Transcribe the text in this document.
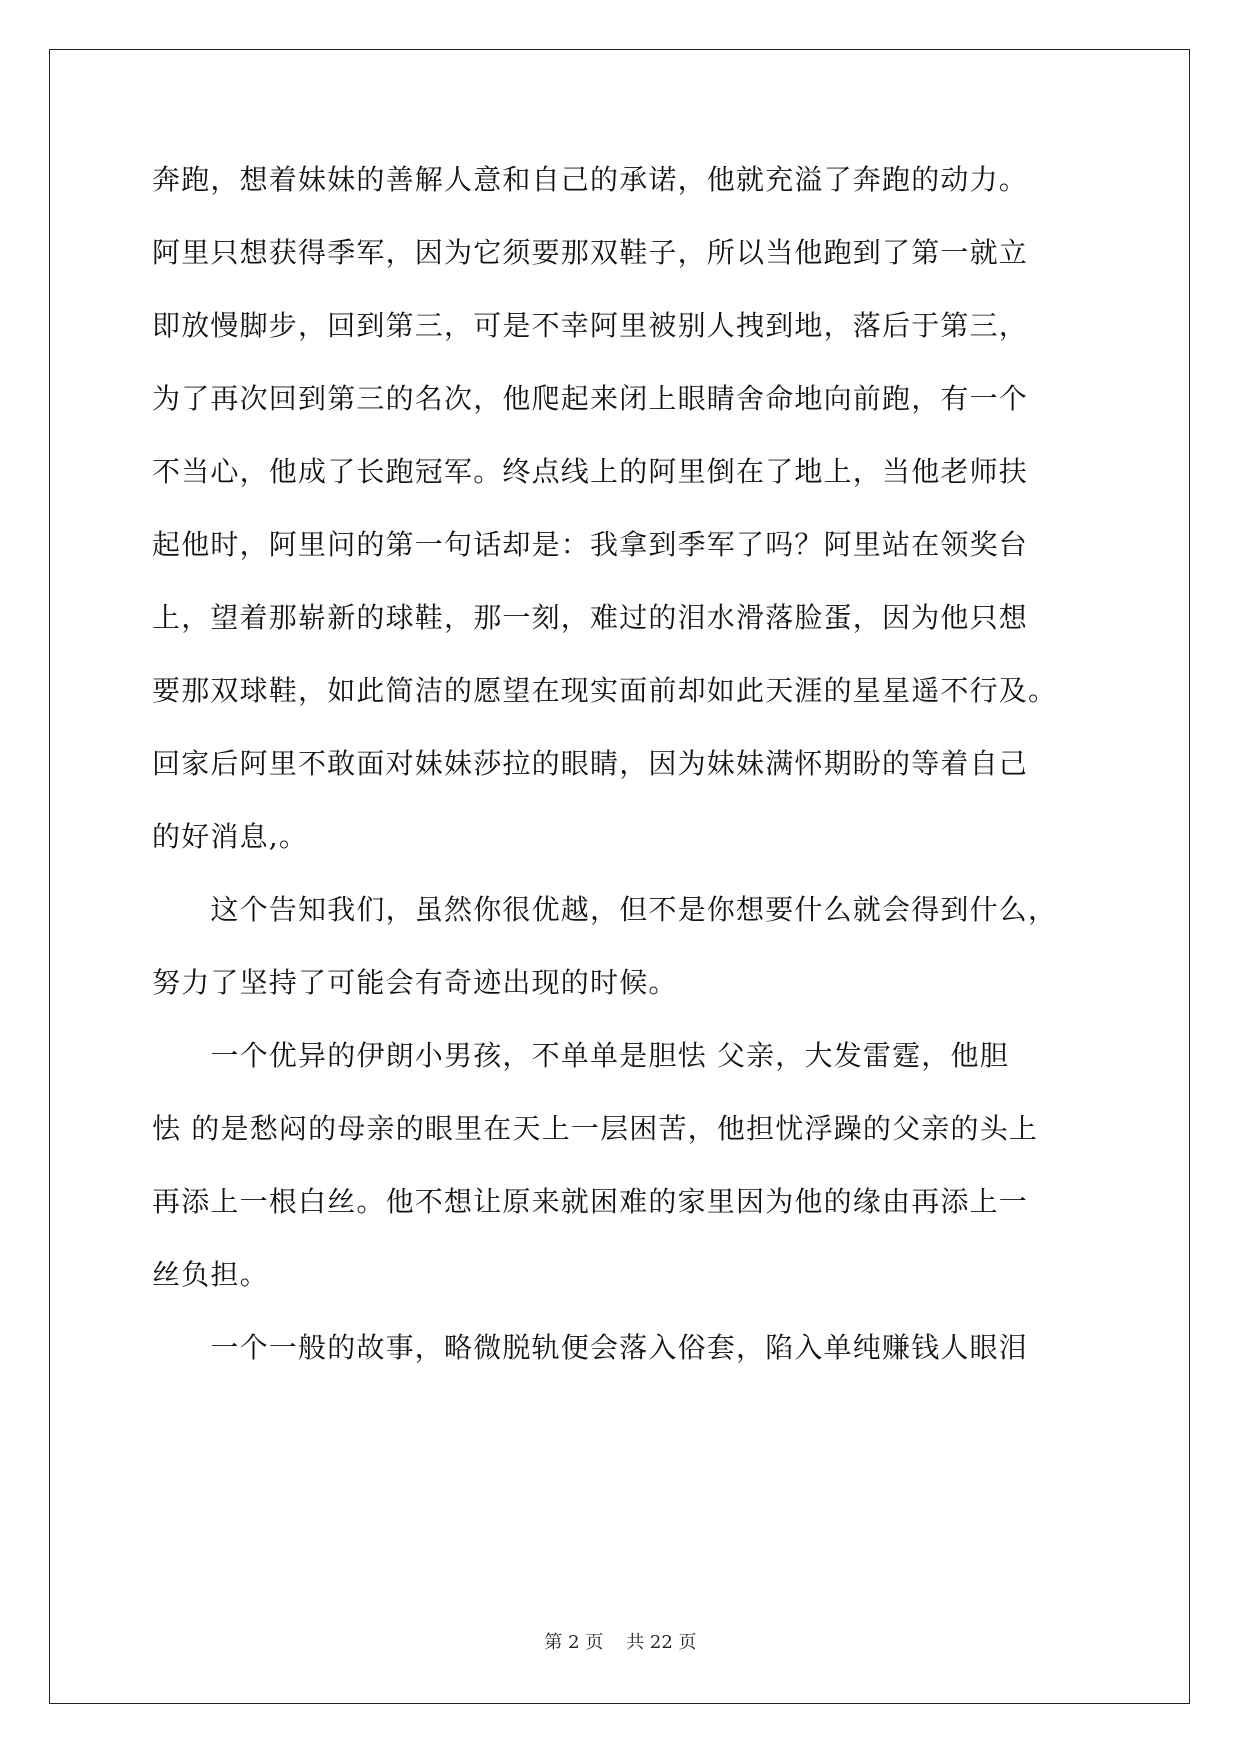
奔跑，想着妹妹的善解人意和自己的承诺，他就充溢了奔跑的动力。
阿里只想获得季军，因为它须要那双鞋子，所以当他跑到了第一就立
即放慢脚步，回到第三，可是不幸阿里被别人拽到地，落后于第三，
为了再次回到第三的名次，他爬起来闭上眼睛舍命地向前跑，有一个
不当心，他成了长跑冠军。终点线上的阿里倒在了地上，当他老师扶
起他时，阿里问的第一句话却是：我拿到季军了吗？阿里站在领奖台
上，望着那崭新的球鞋，那一刻，难过的泪水滑落脸蛋，因为他只想
要那双球鞋，如此简洁的愿望在现实面前却如此天涯的星星遥不行及。
回家后阿里不敢面对妹妹莎拉的眼睛，因为妹妹满怀期盼的等着自己
的好消息,。
　　这个告知我们，虽然你很优越，但不是你想要什么就会得到什么，
努力了坚持了可能会有奇迹出现的时候。
　　一个优异的伊朗小男孩，不单单是胆怯 父亲，大发雷霆，他胆
怯 的是愁闷的母亲的眼里在天上一层困苦，他担忧浮躁的父亲的头上
再添上一根白丝。他不想让原来就困难的家里因为他的缘由再添上一
丝负担。
　　一个一般的故事，略微脱轨便会落入俗套，陷入单纯赚钱人眼泪
第 2 页    共 22 页
